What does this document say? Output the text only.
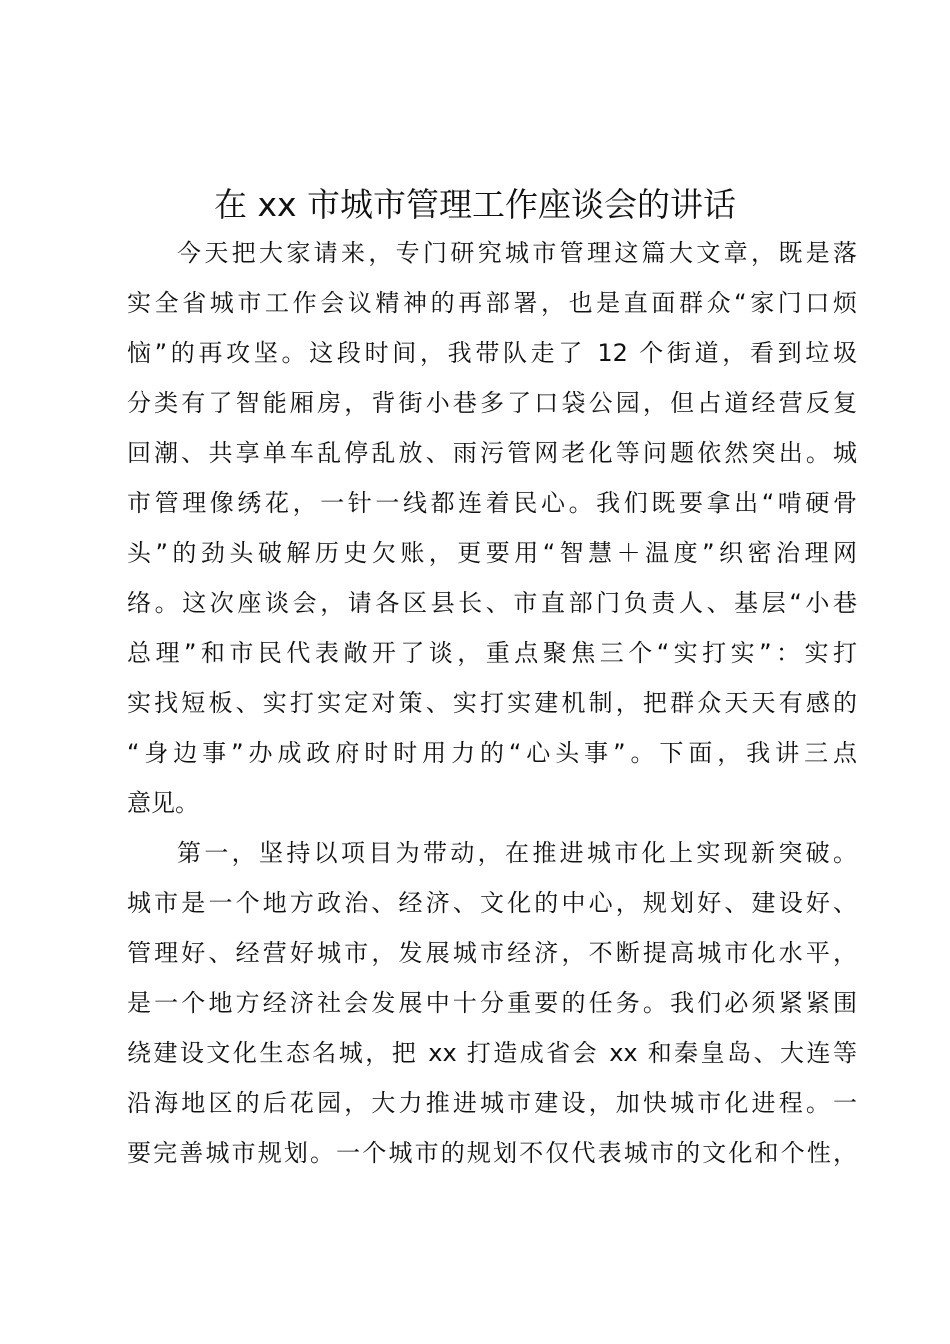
在 xx 市城市管理工作座谈会的讲话
今天把大家请来，专门研究城市管理这篇大文章，既是落
实全省城市工作会议精神的再部署，也是直面群众“家门口烦
恼”的再攻坚。这段时间，我带队走了 12 个街道，看到垃圾
分类有了智能厢房，背街小巷多了口袋公园，但占道经营反复
回潮、共享单车乱停乱放、雨污管网老化等问题依然突出。城
市管理像绣花，一针一线都连着民心。我们既要拿出“啃硬骨
头”的劲头破解历史欠账，更要用“智慧＋温度”织密治理网
络。这次座谈会，请各区县长、市直部门负责人、基层“小巷
总理”和市民代表敞开了谈，重点聚焦三个“实打实”：实打
实找短板、实打实定对策、实打实建机制，把群众天天有感的
“身边事”办成政府时时用力的“心头事”。下面，我讲三点
意见。
第一，坚持以项目为带动，在推进城市化上实现新突破。
城市是一个地方政治、经济、文化的中心，规划好、建设好、
管理好、经营好城市，发展城市经济，不断提高城市化水平，
是一个地方经济社会发展中十分重要的任务。我们必须紧紧围
绕建设文化生态名城，把 xx 打造成省会 xx 和秦皇岛、大连等
沿海地区的后花园，大力推进城市建设，加快城市化进程。一
要完善城市规划。一个城市的规划不仅代表城市的文化和个性，
